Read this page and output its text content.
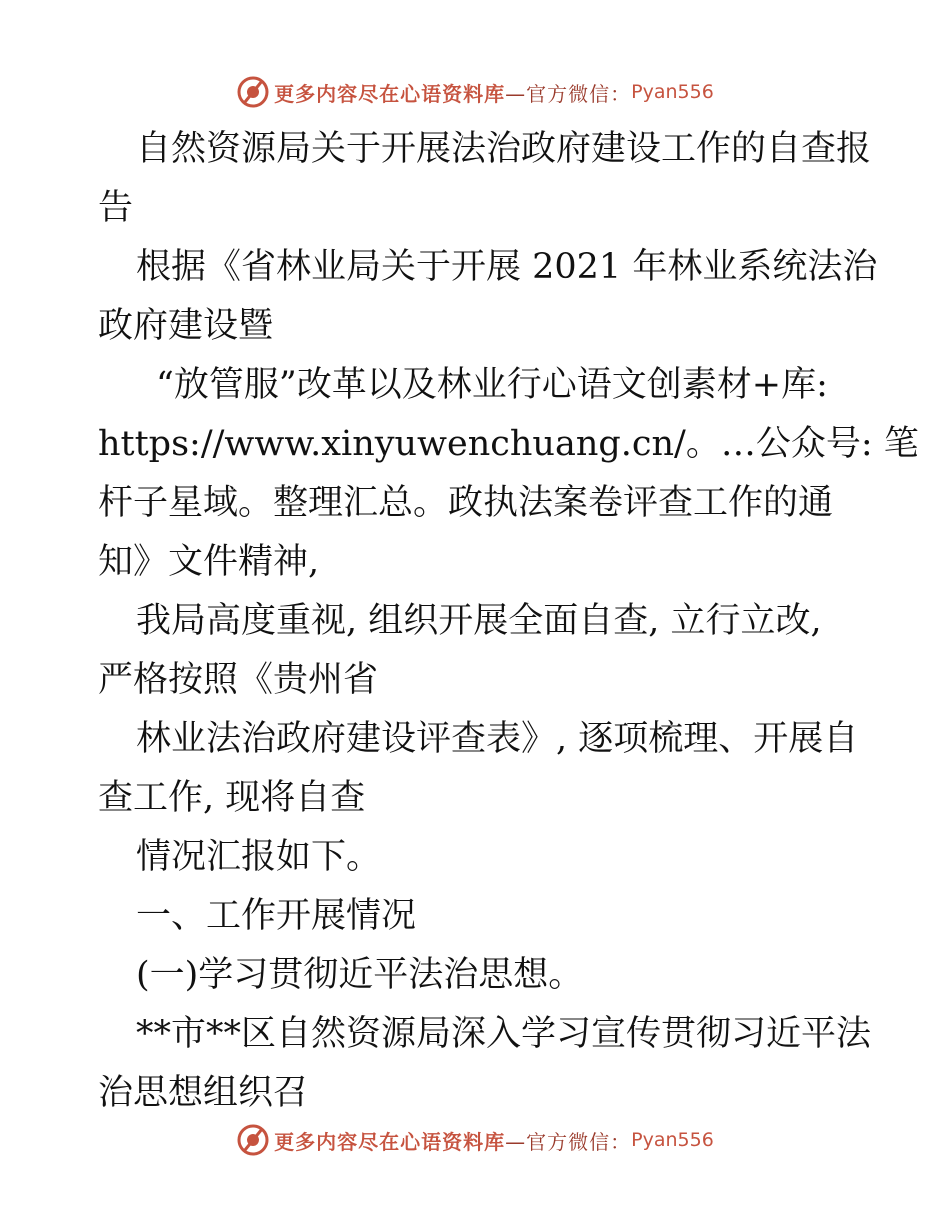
更多内容尽在心语资料库 —官方微信： Pyan556

自然资源局关于开展法治政府建设工作的自查报

告

根据《省林业局关于开展 2021 年林业系统法治

政府建设暨

“放管服”改革以及林业行心语文创素材+库:

https://www.xinyuwenchuang.cn/。…公众号: 笔

杆子星域。整理汇总。政执法案卷评查工作的通

知》文件精神,

我局高度重视, 组织开展全面自查, 立行立改,

严格按照《贵州省

林业法治政府建设评查表》, 逐项梳理、开展自

查工作, 现将自查

情况汇报如下。

一、工作开展情况

(一)学习贯彻近平法治思想。

**市**区自然资源局深入学习宣传贯彻习近平法

治思想组织召

更多内容尽在心语资料库 —官方微信： Pyan556
